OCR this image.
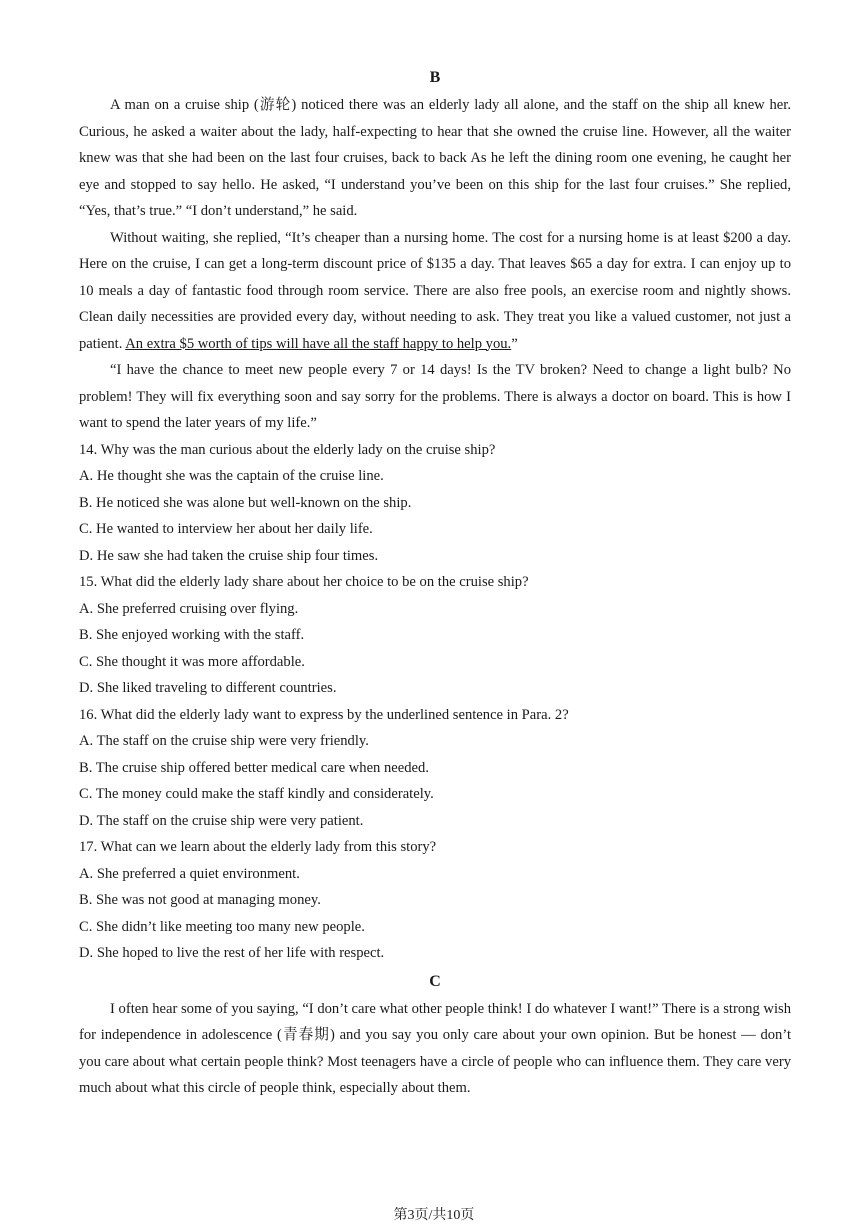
B

A man on a cruise ship (游轮) noticed there was an elderly lady all alone, and the staff on the ship all knew her. Curious, he asked a waiter about the lady, half-expecting to hear that she owned the cruise line. However, all the waiter knew was that she had been on the last four cruises, back to back As he left the dining room one evening, he caught her eye and stopped to say hello. He asked, “I understand you’ve been on this ship for the last four cruises.” She replied, “Yes, that’s true.” “I don’t understand,” he said.

Without waiting, she replied, “It’s cheaper than a nursing home. The cost for a nursing home is at least $200 a day. Here on the cruise, I can get a long-term discount price of $135 a day. That leaves $65 a day for extra. I can enjoy up to 10 meals a day of fantastic food through room service. There are also free pools, an exercise room and nightly shows. Clean daily necessities are provided every day, without needing to ask. They treat you like a valued customer, not just a patient. An extra $5 worth of tips will have all the staff happy to help you.”

“I have the chance to meet new people every 7 or 14 days! Is the TV broken? Need to change a light bulb? No problem! They will fix everything soon and say sorry for the problems. There is always a doctor on board. This is how I want to spend the later years of my life.”

14. Why was the man curious about the elderly lady on the cruise ship?

A. He thought she was the captain of the cruise line.

B. He noticed she was alone but well-known on the ship.

C. He wanted to interview her about her daily life.

D. He saw she had taken the cruise ship four times.

15. What did the elderly lady share about her choice to be on the cruise ship?

A. She preferred cruising over flying.

B. She enjoyed working with the staff.

C. She thought it was more affordable.

D. She liked traveling to different countries.

16. What did the elderly lady want to express by the underlined sentence in Para. 2?

A. The staff on the cruise ship were very friendly.

B. The cruise ship offered better medical care when needed.

C. The money could make the staff kindly and considerately.

D. The staff on the cruise ship were very patient.

17. What can we learn about the elderly lady from this story?

A. She preferred a quiet environment.

B. She was not good at managing money.

C. She didn’t like meeting too many new people.

D. She hoped to live the rest of her life with respect.

C

I often hear some of you saying, “I don’t care what other people think! I do whatever I want!” There is a strong wish for independence in adolescence (青春期) and you say you only care about your own opinion. But be honest — don’t you care about what certain people think? Most teenagers have a circle of people who can influence them. They care very much about what this circle of people think, especially about them.

第3页/共10页
